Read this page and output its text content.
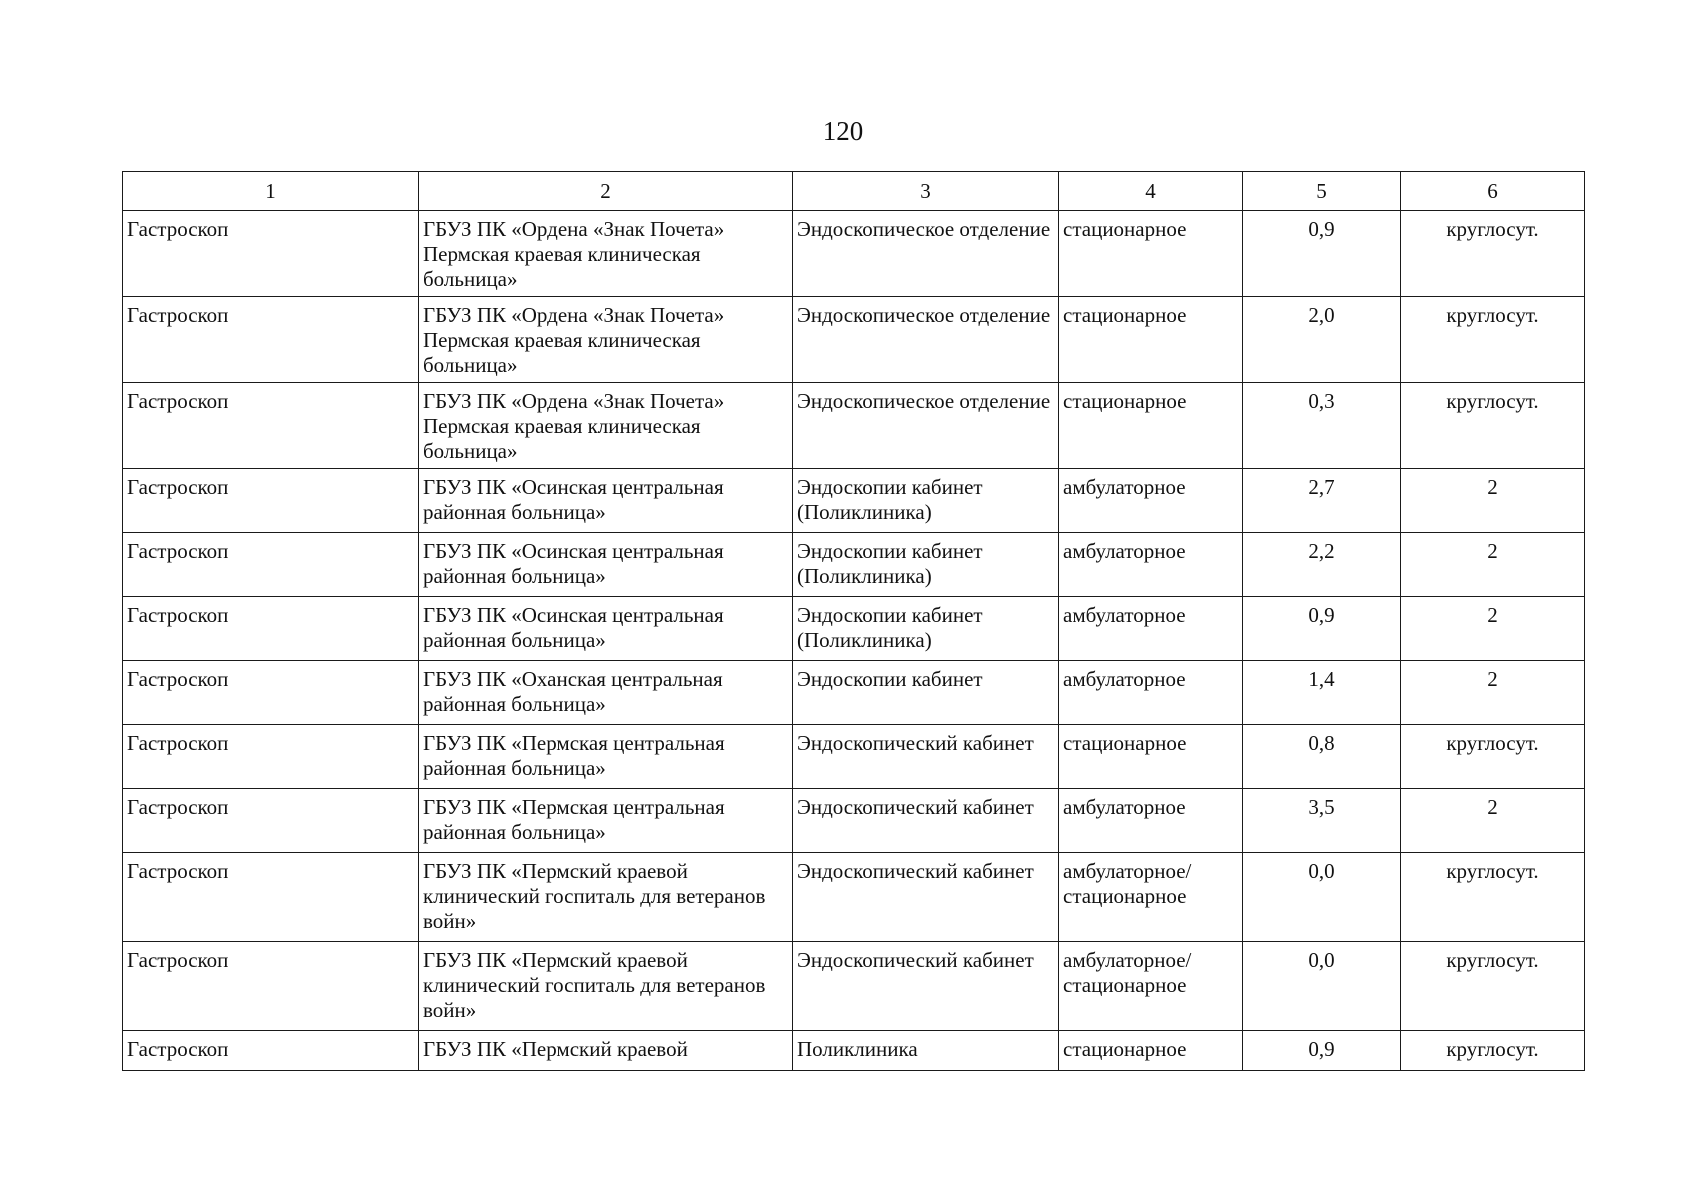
120
1	2	3	4	5	6
Гастроскоп	ГБУЗ ПК «Ордена «Знак Почета» Пермская краевая клиническая больница»	Эндоскопическое отделение	стационарное	0,9	круглосут.
Гастроскоп	ГБУЗ ПК «Ордена «Знак Почета» Пермская краевая клиническая больница»	Эндоскопическое отделение	стационарное	2,0	круглосут.
Гастроскоп	ГБУЗ ПК «Ордена «Знак Почета» Пермская краевая клиническая больница»	Эндоскопическое отделение	стационарное	0,3	круглосут.
Гастроскоп	ГБУЗ ПК «Осинская центральная районная больница»	Эндоскопии кабинет (Поликлиника)	амбулаторное	2,7	2
Гастроскоп	ГБУЗ ПК «Осинская центральная районная больница»	Эндоскопии кабинет (Поликлиника)	амбулаторное	2,2	2
Гастроскоп	ГБУЗ ПК «Осинская центральная районная больница»	Эндоскопии кабинет (Поликлиника)	амбулаторное	0,9	2
Гастроскоп	ГБУЗ ПК «Оханская центральная районная больница»	Эндоскопии кабинет	амбулаторное	1,4	2
Гастроскоп	ГБУЗ ПК «Пермская центральная районная больница»	Эндоскопический кабинет	стационарное	0,8	круглосут.
Гастроскоп	ГБУЗ ПК «Пермская центральная районная больница»	Эндоскопический кабинет	амбулаторное	3,5	2
Гастроскоп	ГБУЗ ПК «Пермский краевой клинический госпиталь для ветеранов войн»	Эндоскопический кабинет	амбулаторное/ стационарное	0,0	круглосут.
Гастроскоп	ГБУЗ ПК «Пермский краевой клинический госпиталь для ветеранов войн»	Эндоскопический кабинет	амбулаторное/ стационарное	0,0	круглосут.
Гастроскоп	ГБУЗ ПК «Пермский краевой	Поликлиника	стационарное	0,9	круглосут.
